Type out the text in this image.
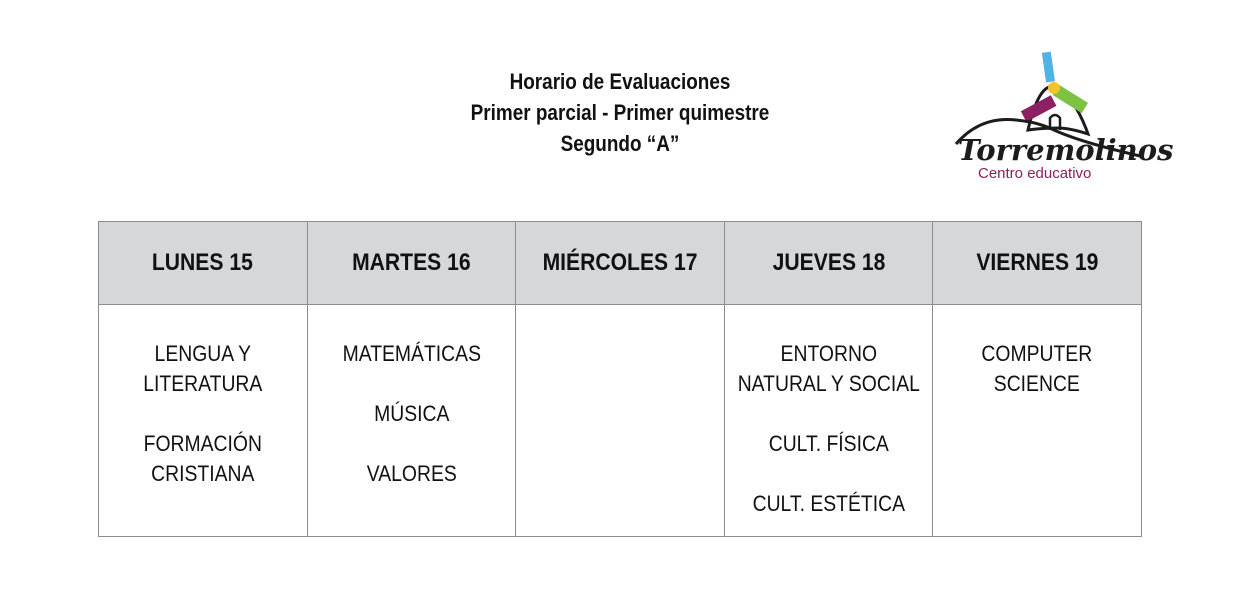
Horario de Evaluaciones
Primer parcial - Primer quimestre
Segundo “A”	Torremolinos
Centro educativo
LUNES 15	MARTES 16	MIÉRCOLES 17	JUEVES 18	VIERNES 19

LENGUA Y
LITERATURA
FORMACIÓN
CRISTIANA	MATEMÁTICAS
MÚSICA
VALORES		ENTORNO
NATURAL Y SOCIAL
CULT. FÍSICA
CULT. ESTÉTICA	COMPUTER
SCIENCE
